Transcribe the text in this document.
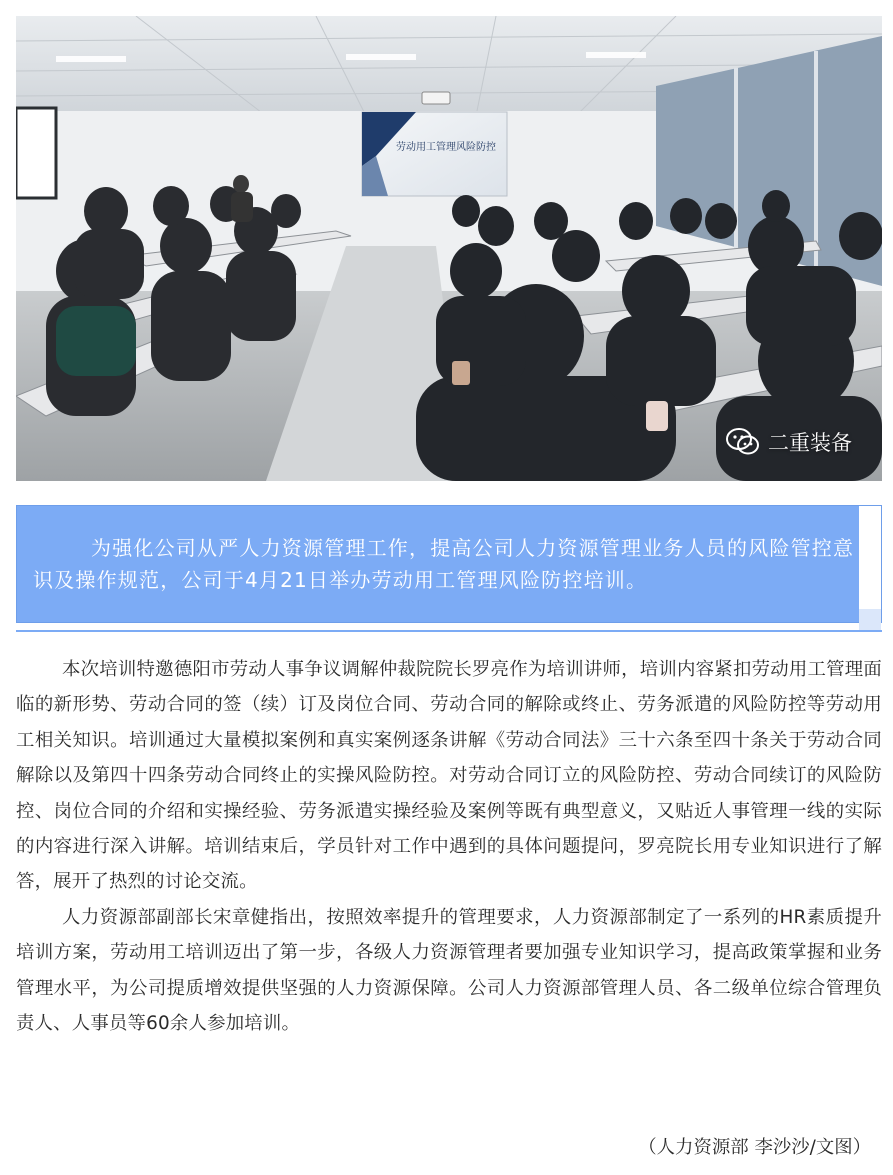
劳动用工管理风险防控
二重装备

为强化公司从严人力资源管理工作，提高公司人力资源管理业务人员的风险管控意识及操作规范，公司于4月21日举办劳动用工管理风险防控培训。

本次培训特邀德阳市劳动人事争议调解仲裁院院长罗亮作为培训讲师，培训内容紧扣劳动用工管理面临的新形势、劳动合同的签（续）订及岗位合同、劳动合同的解除或终止、劳务派遣的风险防控等劳动用工相关知识。培训通过大量模拟案例和真实案例逐条讲解《劳动合同法》三十六条至四十条关于劳动合同解除以及第四十四条劳动合同终止的实操风险防控。对劳动合同订立的风险防控、劳动合同续订的风险防控、岗位合同的介绍和实操经验、劳务派遣实操经验及案例等既有典型意义，又贴近人事管理一线的实际的内容进行深入讲解。培训结束后，学员针对工作中遇到的具体问题提问，罗亮院长用专业知识进行了解答，展开了热烈的讨论交流。

人力资源部副部长宋章健指出，按照效率提升的管理要求，人力资源部制定了一系列的HR素质提升培训方案，劳动用工培训迈出了第一步，各级人力资源管理者要加强专业知识学习，提高政策掌握和业务管理水平，为公司提质增效提供坚强的人力资源保障。公司人力资源部管理人员、各二级单位综合管理负责人、人事员等60余人参加培训。

（人力资源部 李沙沙/文图）
